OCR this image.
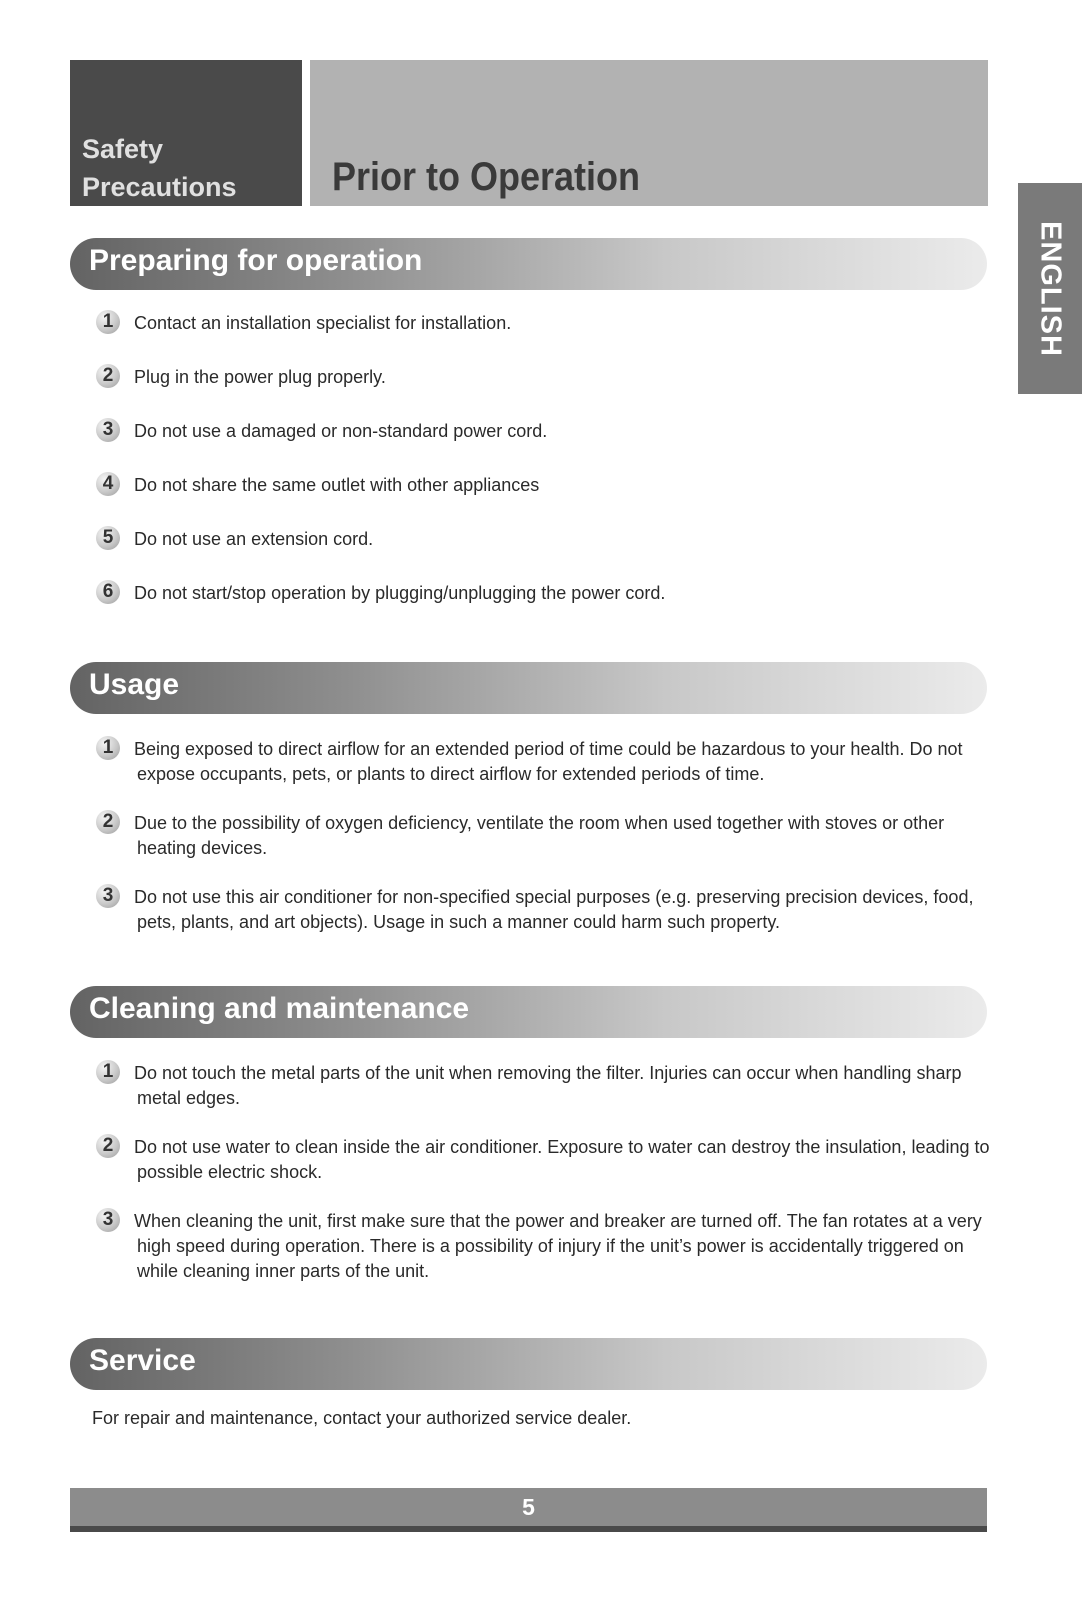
Safety
Precautions	Prior to Operation
ENGLISH
Preparing for operation
1	Contact an installation specialist for installation.
2	Plug in the power plug properly.
3	Do not use a damaged or non-standard power cord.
4	Do not share the same outlet with other appliances
5	Do not use an extension cord.
6	Do not start/stop operation by plugging/unplugging the power cord.
Usage
1	Being exposed to direct airflow for an extended period of time could be hazardous to your health. Do not expose occupants, pets, or plants to direct airflow for extended periods of time.
2	Due to the possibility of oxygen deficiency, ventilate the room when used together with stoves or other heating devices.
3	Do not use this air conditioner for non-specified special purposes (e.g. preserving precision devices, food, pets, plants, and art objects). Usage in such a manner could harm such property.
Cleaning and maintenance
1	Do not touch the metal parts of the unit when removing the filter. Injuries can occur when handling sharp metal edges.
2	Do not use water to clean inside the air conditioner. Exposure to water can destroy the insulation, leading to possible electric shock.
3	When cleaning the unit, first make sure that the power and breaker are turned off. The fan rotates at a very high speed during operation. There is a possibility of injury if the unit’s power is accidentally triggered on while cleaning inner parts of the unit.
Service
For repair and maintenance, contact your authorized service dealer.
5
